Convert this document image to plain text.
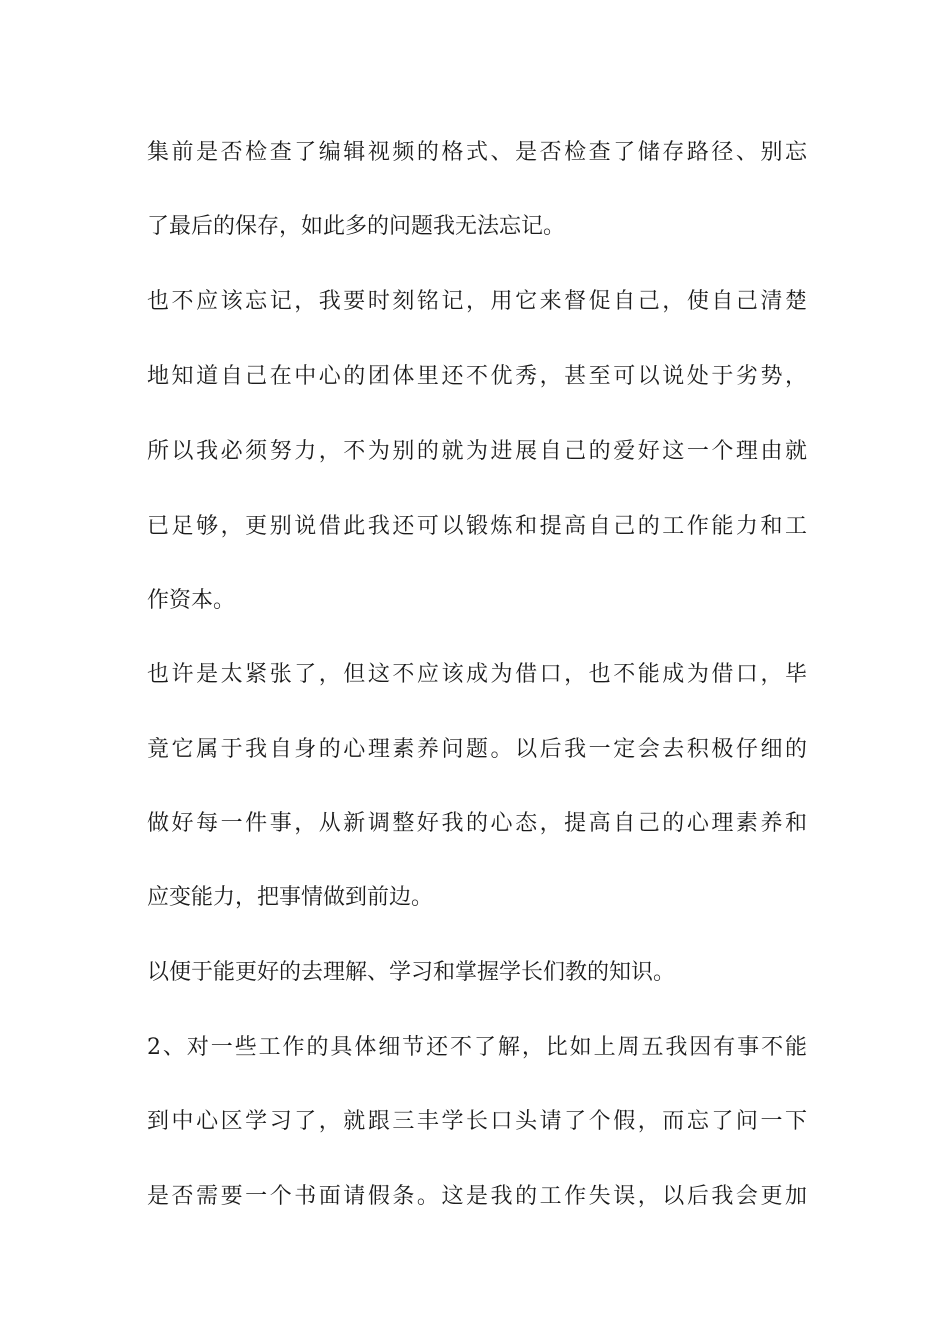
集前是否检查了编辑视频的格式、是否检查了储存路径、别忘
了最后的保存，如此多的问题我无法忘记。
也不应该忘记，我要时刻铭记，用它来督促自己，使自己清楚
地知道自己在中心的团体里还不优秀，甚至可以说处于劣势，
所以我必须努力，不为别的就为进展自己的爱好这一个理由就
已足够，更别说借此我还可以锻炼和提高自己的工作能力和工
作资本。
也许是太紧张了，但这不应该成为借口，也不能成为借口，毕
竟它属于我自身的心理素养问题。以后我一定会去积极仔细的
做好每一件事，从新调整好我的心态，提高自己的心理素养和
应变能力，把事情做到前边。
以便于能更好的去理解、学习和掌握学长们教的知识。
2、对一些工作的具体细节还不了解，比如上周五我因有事不能
到中心区学习了，就跟三丰学长口头请了个假，而忘了问一下
是否需要一个书面请假条。这是我的工作失误，以后我会更加
